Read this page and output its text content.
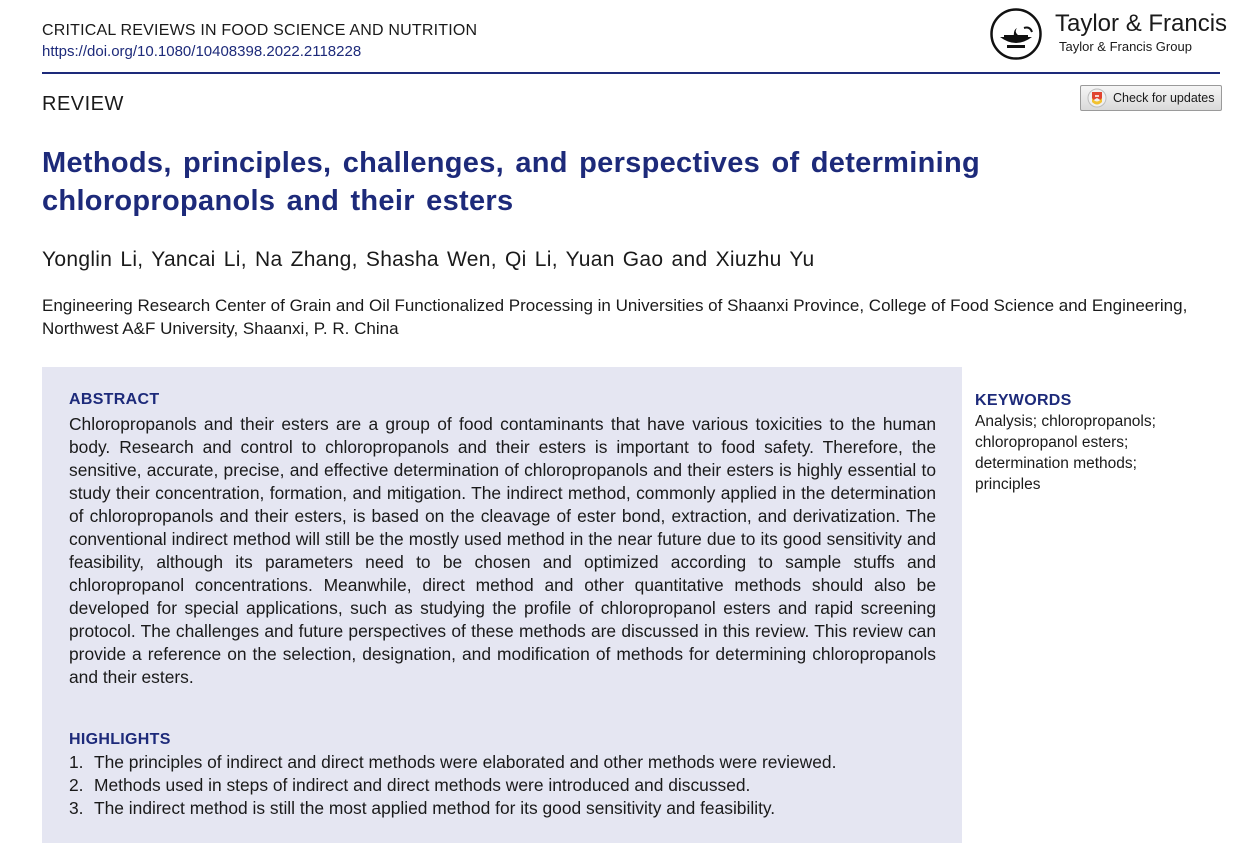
CRITICAL REVIEWS IN FOOD SCIENCE AND NUTRITION
https://doi.org/10.1080/10408398.2022.2118228
Taylor & Francis
Taylor & Francis Group
REVIEW	Check for updates
Methods, principles, challenges, and perspectives of determining chloropropanols and their esters
Yonglin Li, Yancai Li, Na Zhang, Shasha Wen, Qi Li, Yuan Gao and Xiuzhu Yu
Engineering Research Center of Grain and Oil Functionalized Processing in Universities of Shaanxi Province, College of Food Science and Engineering, Northwest A&F University, Shaanxi, P. R. China
ABSTRACT

Chloropropanols and their esters are a group of food contaminants that have various toxicities to the human body. Research and control to chloropropanols and their esters is important to food safety. Therefore, the sensitive, accurate, precise, and effective determination of chloropropanols and their esters is highly essential to study their concentration, formation, and mitigation. The indirect method, commonly applied in the determination of chloropropanols and their esters, is based on the cleavage of ester bond, extraction, and derivatization. The conventional indirect method will still be the mostly used method in the near future due to its good sensitivity and feasibility, although its parameters need to be chosen and optimized according to sample stuffs and chloropropanol concentrations. Meanwhile, direct method and other quantitative methods should also be developed for special applications, such as studying the profile of chloropropanol esters and rapid screening protocol. The challenges and future perspectives of these methods are discussed in this review. This review can provide a reference on the selection, designation, and modification of methods for determining chloropropanols and their esters.

HIGHLIGHTS
1. The principles of indirect and direct methods were elaborated and other methods were reviewed.
2. Methods used in steps of indirect and direct methods were introduced and discussed.
3. The indirect method is still the most applied method for its good sensitivity and feasibility.
KEYWORDS
Analysis; chloropropanols;
chloropropanol esters;
determination methods;
principles
